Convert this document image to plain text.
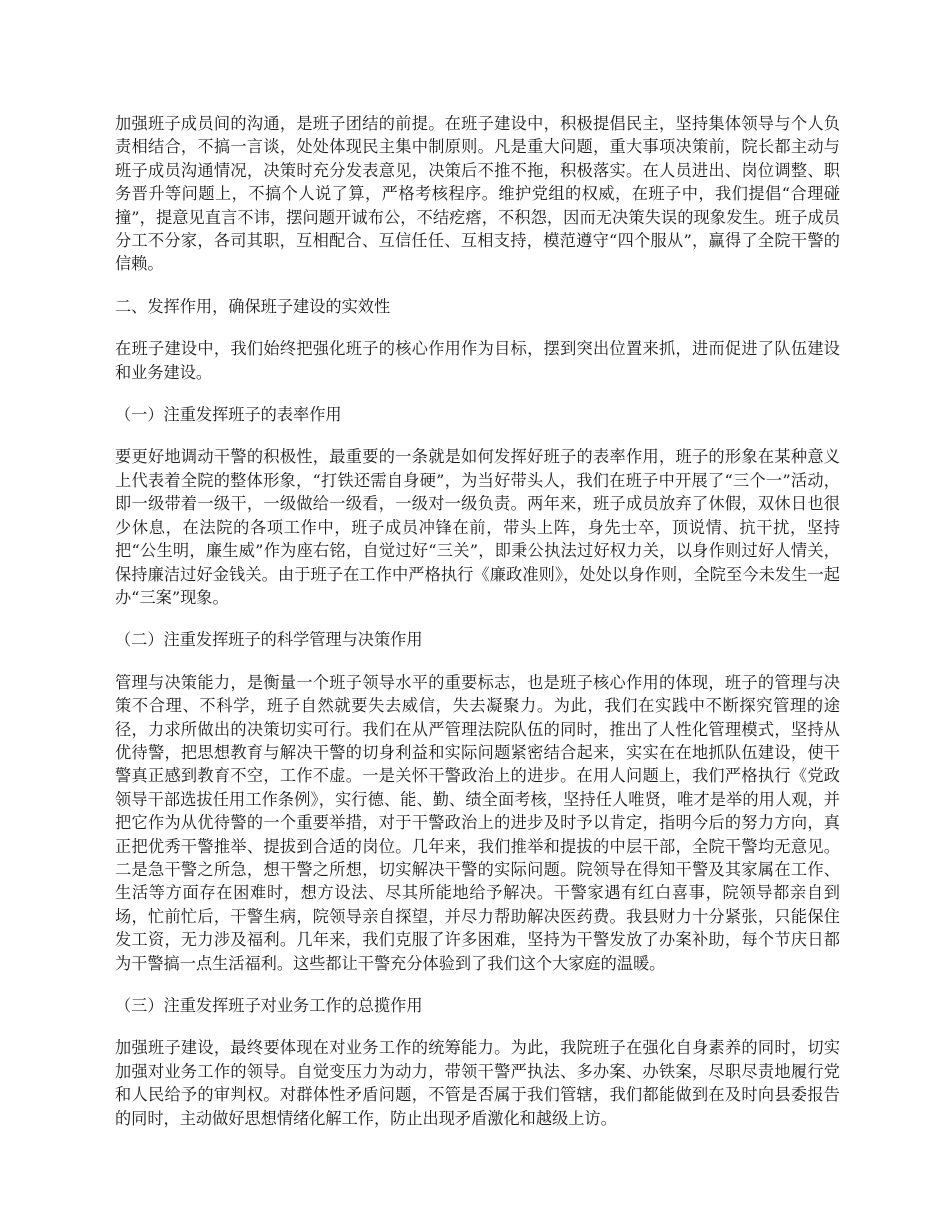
加强班子成员间的沟通，是班子团结的前提。在班子建设中，积极提倡民主，坚持集体领导与个人负责相结合，不搞一言谈，处处体现民主集中制原则。凡是重大问题，重大事项决策前，院长都主动与班子成员沟通情况，决策时充分发表意见，决策后不推不拖，积极落实。在人员进出、岗位调整、职务晋升等问题上，不搞个人说了算，严格考核程序。维护党组的权威，在班子中，我们提倡“合理碰撞”，提意见直言不讳，摆问题开诚布公，不结疙瘩，不积怨，因而无决策失误的现象发生。班子成员分工不分家，各司其职，互相配合、互信任任、互相支持，模范遵守“四个服从”，赢得了全院干警的信赖。

二、发挥作用，确保班子建设的实效性

在班子建设中，我们始终把强化班子的核心作用作为目标，摆到突出位置来抓，进而促进了队伍建设和业务建设。

（一）注重发挥班子的表率作用

要更好地调动干警的积极性，最重要的一条就是如何发挥好班子的表率作用，班子的形象在某种意义上代表着全院的整体形象，“打铁还需自身硬”，为当好带头人，我们在班子中开展了“三个一”活动，即一级带着一级干，一级做给一级看，一级对一级负责。两年来，班子成员放弃了休假，双休日也很少休息，在法院的各项工作中，班子成员冲锋在前，带头上阵，身先士卒，顶说情、抗干扰，坚持把“公生明，廉生威”作为座右铭，自觉过好“三关”，即秉公执法过好权力关，以身作则过好人情关，保持廉洁过好金钱关。由于班子在工作中严格执行《廉政准则》，处处以身作则，全院至今未发生一起办“三案”现象。

（二）注重发挥班子的科学管理与决策作用

管理与决策能力，是衡量一个班子领导水平的重要标志，也是班子核心作用的体现，班子的管理与决策不合理、不科学，班子自然就要失去威信，失去凝聚力。为此，我们在实践中不断探究管理的途径，力求所做出的决策切实可行。我们在从严管理法院队伍的同时，推出了人性化管理模式，坚持从优待警，把思想教育与解决干警的切身利益和实际问题紧密结合起来，实实在在地抓队伍建设，使干警真正感到教育不空，工作不虚。一是关怀干警政治上的进步。在用人问题上，我们严格执行《党政领导干部选拔任用工作条例》，实行德、能、勤、绩全面考核，坚持任人唯贤，唯才是举的用人观，并把它作为从优待警的一个重要举措，对于干警政治上的进步及时予以肯定，指明今后的努力方向，真正把优秀干警推举、提拔到合适的岗位。几年来，我们推举和提拔的中层干部，全院干警均无意见。二是急干警之所急，想干警之所想，切实解决干警的实际问题。院领导在得知干警及其家属在工作、生活等方面存在困难时，想方设法、尽其所能地给予解决。干警家遇有红白喜事，院领导都亲自到场，忙前忙后，干警生病，院领导亲自探望，并尽力帮助解决医药费。我县财力十分紧张，只能保住发工资，无力涉及福利。几年来，我们克服了许多困难，坚持为干警发放了办案补助，每个节庆日都为干警搞一点生活福利。这些都让干警充分体验到了我们这个大家庭的温暖。

（三）注重发挥班子对业务工作的总揽作用

加强班子建设，最终要体现在对业务工作的统筹能力。为此，我院班子在强化自身素养的同时，切实加强对业务工作的领导。自觉变压力为动力，带领干警严执法、多办案、办铁案，尽职尽责地履行党和人民给予的审判权。对群体性矛盾问题，不管是否属于我们管辖，我们都能做到在及时向县委报告的同时，主动做好思想情绪化解工作，防止出现矛盾激化和越级上访。
